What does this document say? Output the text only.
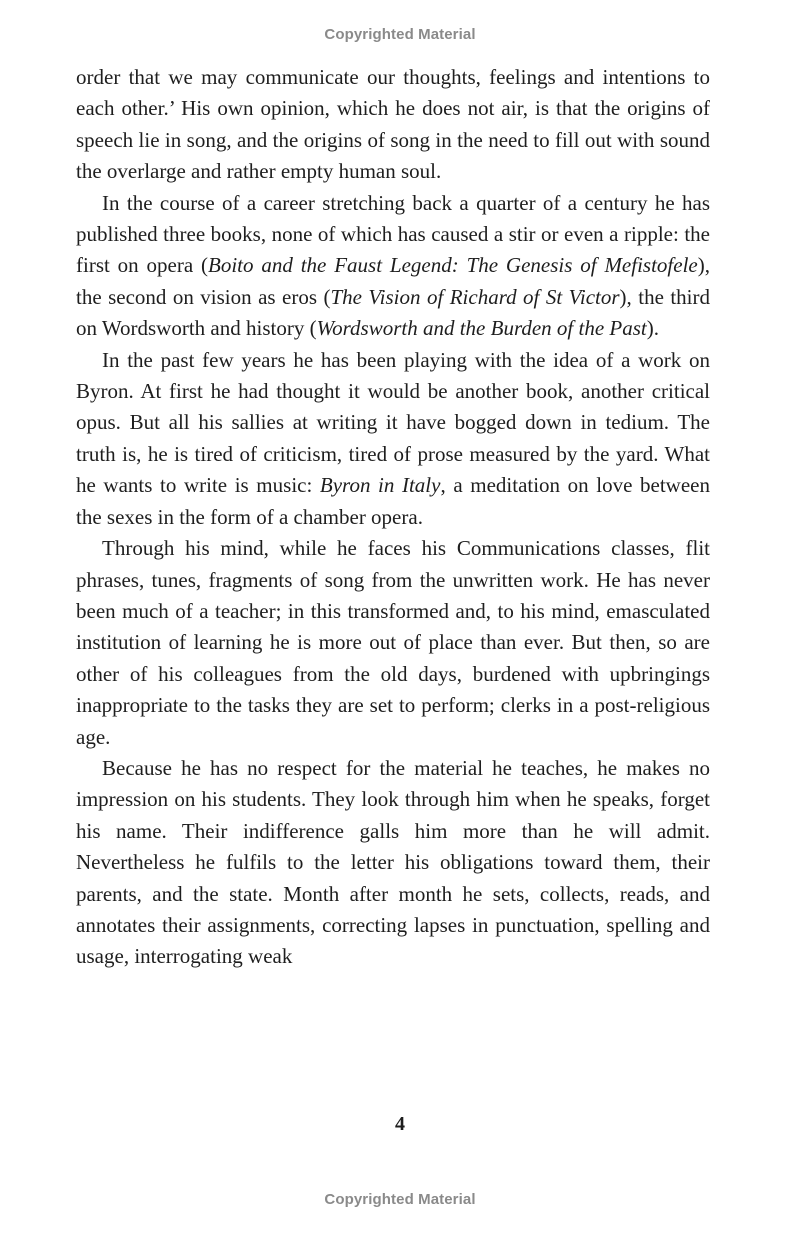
Copyrighted Material

order that we may communicate our thoughts, feelings and intentions to each other.’ His own opinion, which he does not air, is that the origins of speech lie in song, and the origins of song in the need to fill out with sound the overlarge and rather empty human soul.

In the course of a career stretching back a quarter of a century he has published three books, none of which has caused a stir or even a ripple: the first on opera (Boito and the Faust Legend: The Genesis of Mefistofele), the second on vision as eros (The Vision of Richard of St Victor), the third on Wordsworth and history (Wordsworth and the Burden of the Past).

In the past few years he has been playing with the idea of a work on Byron. At first he had thought it would be another book, another critical opus. But all his sallies at writing it have bogged down in tedium. The truth is, he is tired of criticism, tired of prose measured by the yard. What he wants to write is music: Byron in Italy, a meditation on love between the sexes in the form of a chamber opera.

Through his mind, while he faces his Communications classes, flit phrases, tunes, fragments of song from the unwritten work. He has never been much of a teacher; in this transformed and, to his mind, emasculated institution of learning he is more out of place than ever. But then, so are other of his colleagues from the old days, burdened with upbringings inappropriate to the tasks they are set to perform; clerks in a post-religious age.

Because he has no respect for the material he teaches, he makes no impression on his students. They look through him when he speaks, forget his name. Their indifference galls him more than he will admit. Nevertheless he fulfils to the letter his obligations toward them, their parents, and the state. Month after month he sets, collects, reads, and annotates their assignments, correcting lapses in punctuation, spelling and usage, interrogating weak

4
Copyrighted Material
